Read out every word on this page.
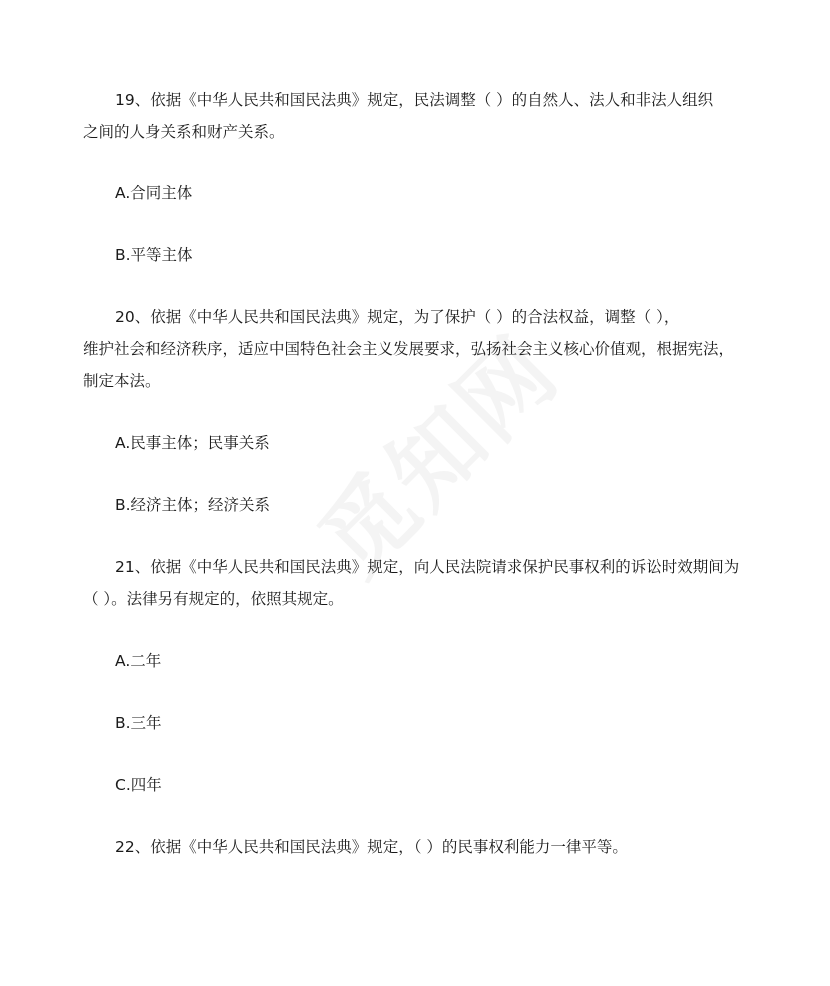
19、依据《中华人民共和国民法典》规定，民法调整（ ）的自然人、法人和非法人组织
之间的人身关系和财产关系。
A.合同主体
B.平等主体
20、依据《中华人民共和国民法典》规定，为了保护（ ）的合法权益，调整（ ），
维护社会和经济秩序，适应中国特色社会主义发展要求，弘扬社会主义核心价值观，根据宪法，
制定本法。
A.民事主体；民事关系
B.经济主体；经济关系
21、依据《中华人民共和国民法典》规定，向人民法院请求保护民事权利的诉讼时效期间为
（ ）。法律另有规定的，依照其规定。
A.二年
B.三年
C.四年
22、依据《中华人民共和国民法典》规定，（ ）的民事权利能力一律平等。
